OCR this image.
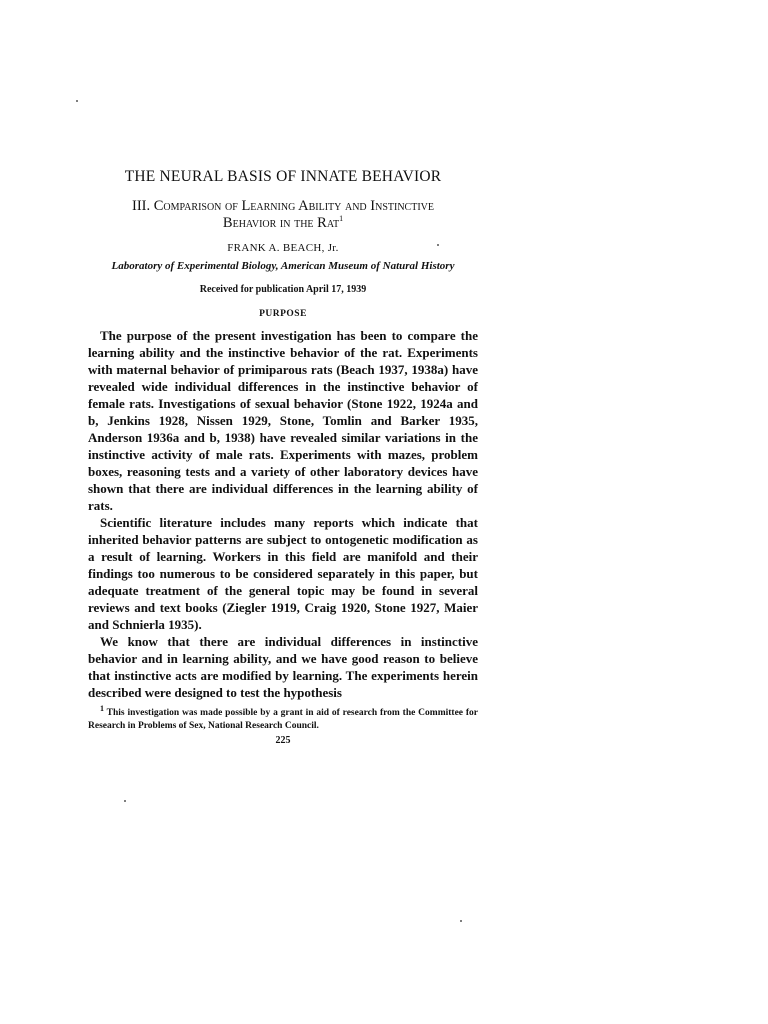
THE NEURAL BASIS OF INNATE BEHAVIOR
III. Comparison of Learning Ability and Instinctive
Behavior in the Rat$^1$
FRANK A. BEACH, Jr.
Laboratory of Experimental Biology, American Museum of Natural History
Received for publication April 17, 1939
PURPOSE

The purpose of the present investigation has been to compare the learning ability and the instinctive behavior of the rat. Experiments with maternal behavior of primiparous rats (Beach 1937, 1938a) have revealed wide individual differences in the instinctive behavior of female rats. Investigations of sexual behavior (Stone 1922, 1924a and b, Jenkins 1928, Nissen 1929, Stone, Tomlin and Barker 1935, Anderson 1936a and b, 1938) have revealed similar variations in the instinctive activity of male rats. Experiments with mazes, problem boxes, reasoning tests and a variety of other laboratory devices have shown that there are individual differences in the learning ability of rats.

Scientific literature includes many reports which indicate that inherited behavior patterns are subject to ontogenetic modification as a result of learning. Workers in this field are manifold and their findings too numerous to be considered separately in this paper, but adequate treatment of the general topic may be found in several reviews and text books (Ziegler 1919, Craig 1920, Stone 1927, Maier and Schnierla 1935).

We know that there are individual differences in instinctive behavior and in learning ability, and we have good reason to believe that instinctive acts are modified by learning. The experiments herein described were designed to test the hypothesis

$^1$ This investigation was made possible by a grant in aid of research from the Committee for Research in Problems of Sex, National Research Council.

225
